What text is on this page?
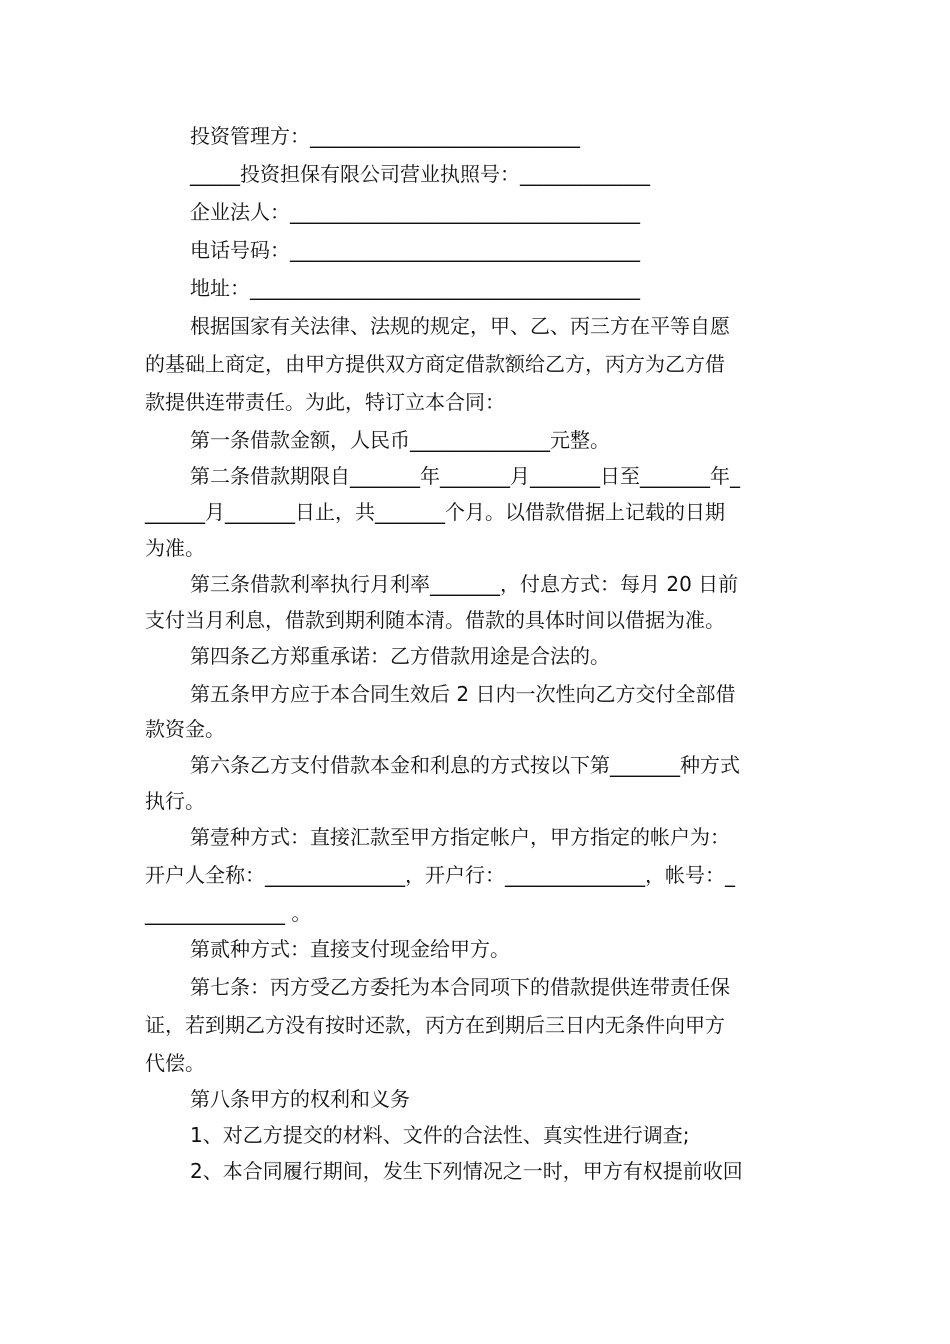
投资管理方：___________________________
_____投资担保有限公司营业执照号：_____________
企业法人：___________________________________
电话号码：___________________________________
地址：_______________________________________
根据国家有关法律、法规的规定，甲、乙、丙三方在平等自愿
的基础上商定，由甲方提供双方商定借款额给乙方，丙方为乙方借
款提供连带责任。为此，特订立本合同：
第一条借款金额，人民币______________元整。
第二条借款期限自_______年_______月_______日至_______年_
______月_______日止，共_______个月。以借款借据上记载的日期
为准。
第三条借款利率执行月利率_______，付息方式：每月 20 日前
支付当月利息，借款到期利随本清。借款的具体时间以借据为准。
第四条乙方郑重承诺：乙方借款用途是合法的。
第五条甲方应于本合同生效后 2 日内一次性向乙方交付全部借
款资金。
第六条乙方支付借款本金和利息的方式按以下第_______种方式
执行。
第壹种方式：直接汇款至甲方指定帐户，甲方指定的帐户为：
开户人全称：______________，开户行：______________，帐号：_
______________ 。
第贰种方式：直接支付现金给甲方。
第七条：丙方受乙方委托为本合同项下的借款提供连带责任保
证，若到期乙方没有按时还款，丙方在到期后三日内无条件向甲方
代偿。
第八条甲方的权利和义务
1、对乙方提交的材料、文件的合法性、真实性进行调查;
2、本合同履行期间，发生下列情况之一时，甲方有权提前收回
